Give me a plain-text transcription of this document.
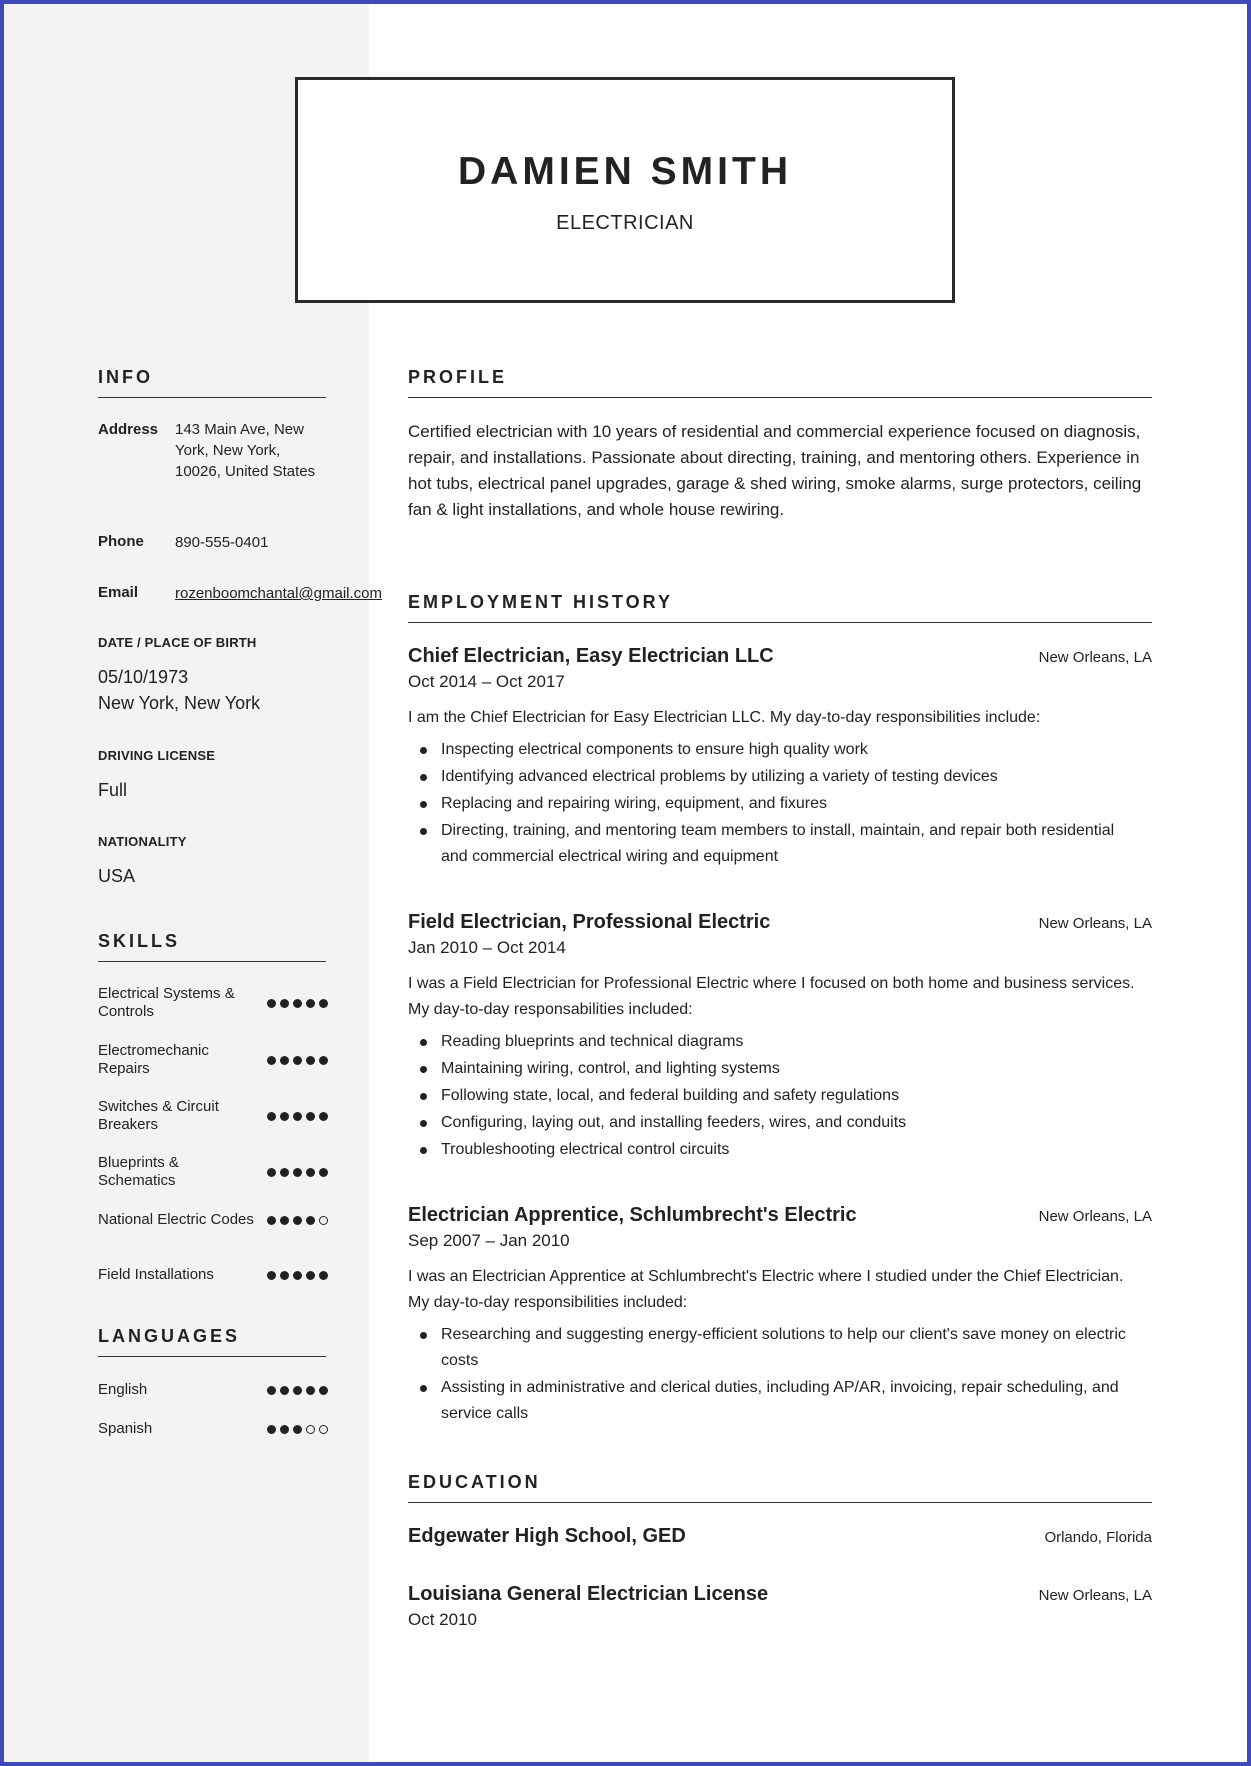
DAMIEN SMITH
ELECTRICIAN
INFO
Address 143 Main Ave, New York, New York, 10026, United States
Phone 890-555-0401
Email rozenboomchantal@gmail.com
DATE / PLACE OF BIRTH
05/10/1973
New York, New York
DRIVING LICENSE
Full
NATIONALITY
USA
SKILLS
Electrical Systems & Controls
Electromechanic Repairs
Switches & Circuit Breakers
Blueprints & Schematics
National Electric Codes
Field Installations
LANGUAGES
English
Spanish
PROFILE
Certified electrician with 10 years of residential and commercial experience focused on diagnosis, repair, and installations. Passionate about directing, training, and mentoring others. Experience in hot tubs, electrical panel upgrades, garage & shed wiring, smoke alarms, surge protectors, ceiling fan & light installations, and whole house rewiring.
EMPLOYMENT HISTORY
Chief Electrician, Easy Electrician LLC	New Orleans, LA
Oct 2014 – Oct 2017
I am the Chief Electrician for Easy Electrician LLC. My day-to-day responsibilities include:
Inspecting electrical components to ensure high quality work
Identifying advanced electrical problems by utilizing a variety of testing devices
Replacing and repairing wiring, equipment, and fixures
Directing, training, and mentoring team members to install, maintain, and repair both residential and commercial electrical wiring and equipment
Field Electrician, Professional Electric	New Orleans, LA
Jan 2010 – Oct 2014
I was a Field Electrician for Professional Electric where I focused on both home and business services. My day-to-day responsabilities included:
Reading blueprints and technical diagrams
Maintaining wiring, control, and lighting systems
Following state, local, and federal building and safety regulations
Configuring, laying out, and installing feeders, wires, and conduits
Troubleshooting electrical control circuits
Electrician Apprentice, Schlumbrecht's Electric	New Orleans, LA
Sep 2007 – Jan 2010
I was an Electrician Apprentice at Schlumbrecht's Electric where I studied under the Chief Electrician. My day-to-day responsibilities included:
Researching and suggesting energy-efficient solutions to help our client's save money on electric costs
Assisting in administrative and clerical duties, including AP/AR, invoicing, repair scheduling, and service calls
EDUCATION
Edgewater High School, GED	Orlando, Florida
Louisiana General Electrician License	New Orleans, LA
Oct 2010
